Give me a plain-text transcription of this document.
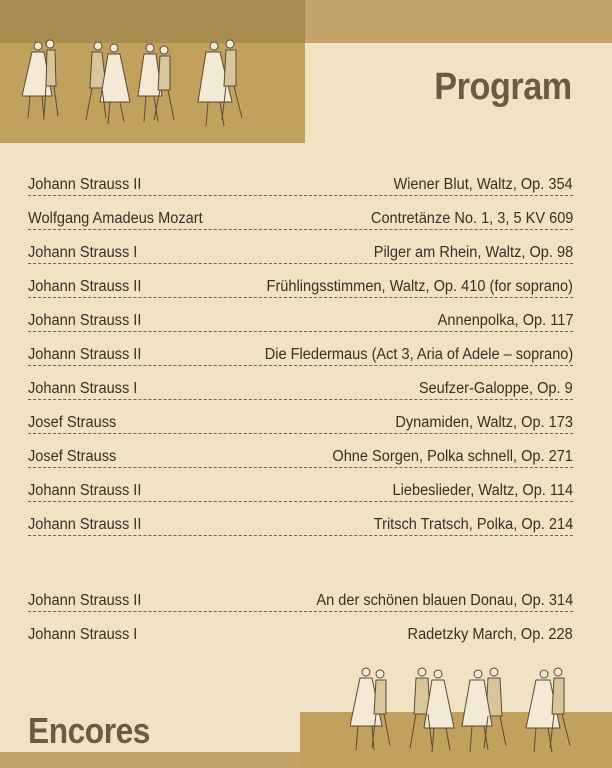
Program
Johann Strauss II	Wiener Blut, Waltz, Op. 354
Wolfgang Amadeus Mozart	Contretänze No. 1, 3, 5 KV 609
Johann Strauss I	Pilger am Rhein, Waltz, Op. 98
Johann Strauss II	Frühlingsstimmen, Waltz, Op. 410 (for soprano)
Johann Strauss II	Annenpolka, Op. 117
Johann Strauss II	Die Fledermaus (Act 3, Aria of Adele – soprano)
Johann Strauss I	Seufzer-Galoppe, Op. 9
Josef Strauss	Dynamiden, Waltz, Op. 173
Josef Strauss	Ohne Sorgen, Polka schnell, Op. 271
Johann Strauss II	Liebeslieder, Waltz, Op. 114
Johann Strauss II	Tritsch Tratsch, Polka, Op. 214
Johann Strauss II	An der schönen blauen Donau, Op. 314
Johann Strauss I	Radetzky March, Op. 228
Encores
